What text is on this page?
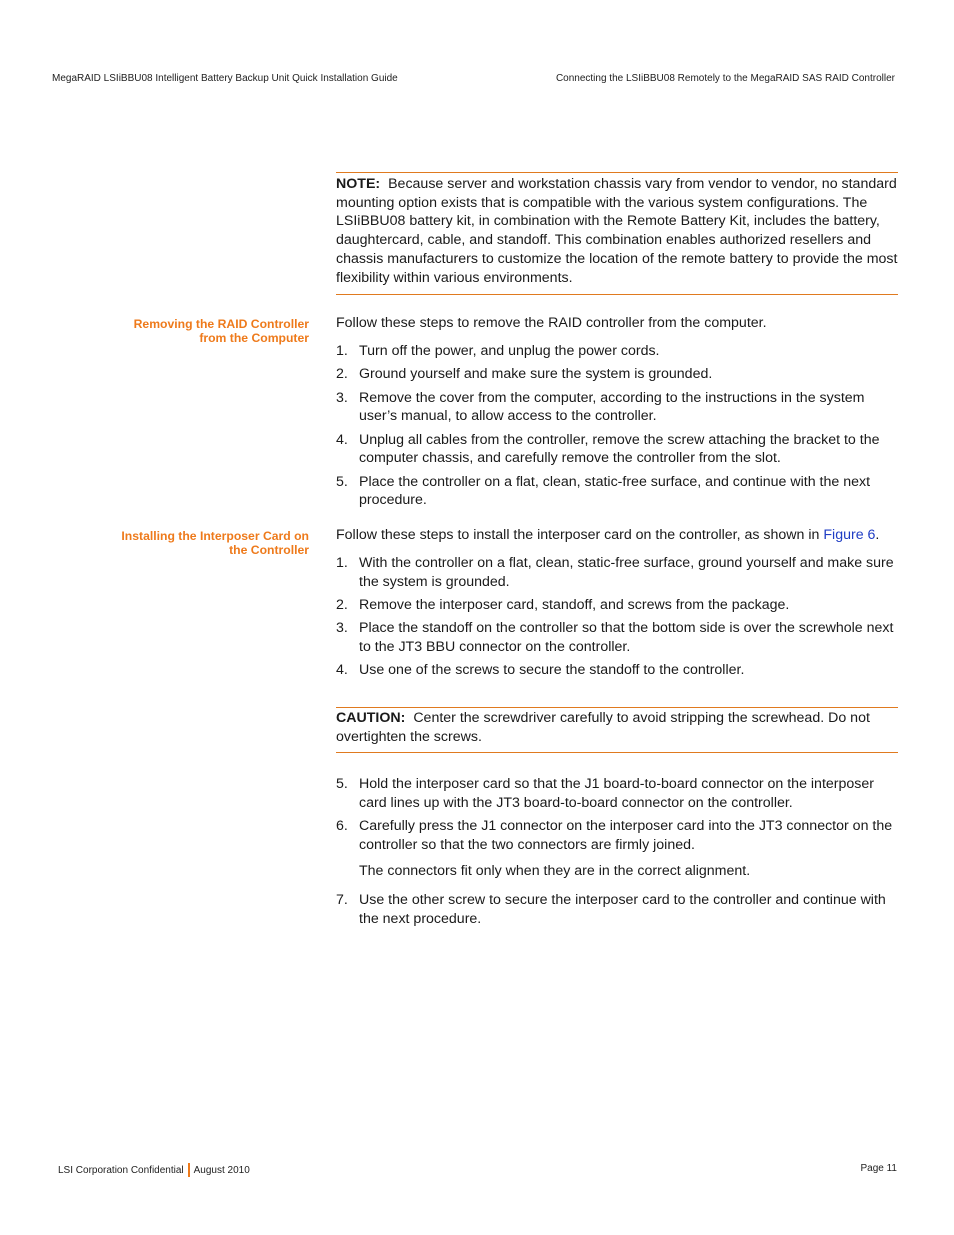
MegaRAID LSIiBBU08 Intelligent Battery Backup Unit Quick Installation Guide	Connecting the LSIiBBU08 Remotely to the MegaRAID SAS RAID Controller
NOTE: Because server and workstation chassis vary from vendor to vendor, no standard mounting option exists that is compatible with the various system configurations. The LSIiBBU08 battery kit, in combination with the Remote Battery Kit, includes the battery, daughtercard, cable, and standoff. This combination enables authorized resellers and chassis manufacturers to customize the location of the remote battery to provide the most flexibility within various environments.
Removing the RAID Controller
from the Computer
Follow these steps to remove the RAID controller from the computer.
1. Turn off the power, and unplug the power cords.
2. Ground yourself and make sure the system is grounded.
3. Remove the cover from the computer, according to the instructions in the system user’s manual, to allow access to the controller.
4. Unplug all cables from the controller, remove the screw attaching the bracket to the computer chassis, and carefully remove the controller from the slot.
5. Place the controller on a flat, clean, static-free surface, and continue with the next procedure.
Installing the Interposer Card on
the Controller
Follow these steps to install the interposer card on the controller, as shown in Figure 6.
1. With the controller on a flat, clean, static-free surface, ground yourself and make sure the system is grounded.
2. Remove the interposer card, standoff, and screws from the package.
3. Place the standoff on the controller so that the bottom side is over the screwhole next to the JT3 BBU connector on the controller.
4. Use one of the screws to secure the standoff to the controller.
CAUTION: Center the screwdriver carefully to avoid stripping the screwhead. Do not overtighten the screws.
5. Hold the interposer card so that the J1 board-to-board connector on the interposer card lines up with the JT3 board-to-board connector on the controller.
6. Carefully press the J1 connector on the interposer card into the JT3 connector on the controller so that the two connectors are firmly joined.
The connectors fit only when they are in the correct alignment.
7. Use the other screw to secure the interposer card to the controller and continue with the next procedure.
LSI Corporation Confidential August 2010	Page 11
